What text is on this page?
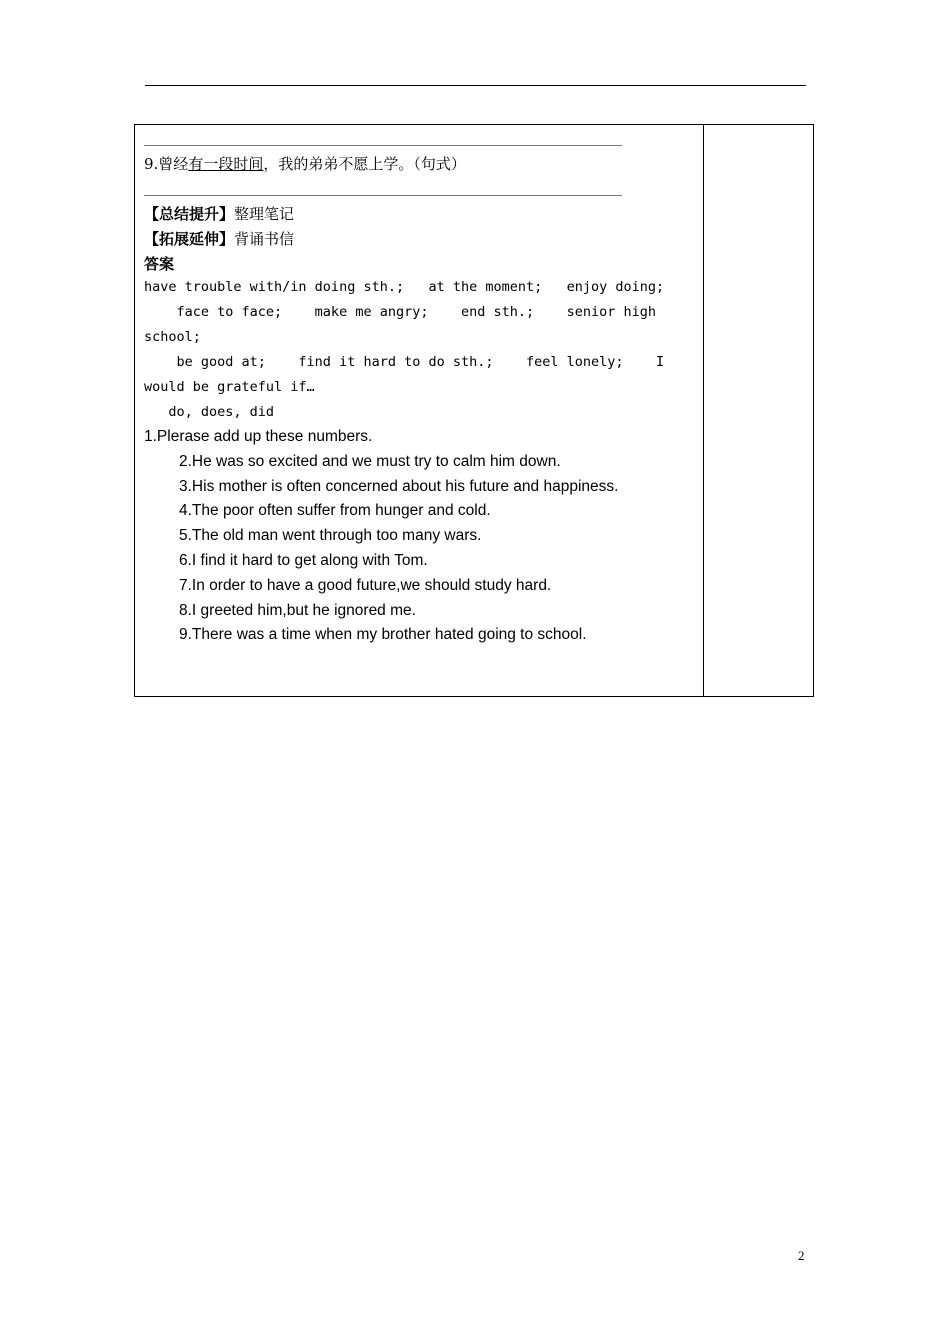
9.曾经有一段时间，我的弟弟不愿上学。（句式）
【总结提升】整理笔记
【拓展延伸】背诵书信
答案
have trouble with/in doing sth.;   at the moment;   enjoy doing;
face to face;    make me angry;    end sth.;    senior high
school;
be good at;    find it hard to do sth.;    feel lonely;    I
would be grateful if…
do, does, did
1.Plerase add up these numbers.
2.He was so excited and we must try to calm him down.
3.His mother is often concerned about his future and happiness.
4.The poor often suffer from hunger and cold.
5.The old man went through too many wars.
6.I find it hard to get along with Tom.
7.In order to have a good future,we should study hard.
8.I greeted him,but he ignored me.
9.There was a time when my brother hated going to school.
2
